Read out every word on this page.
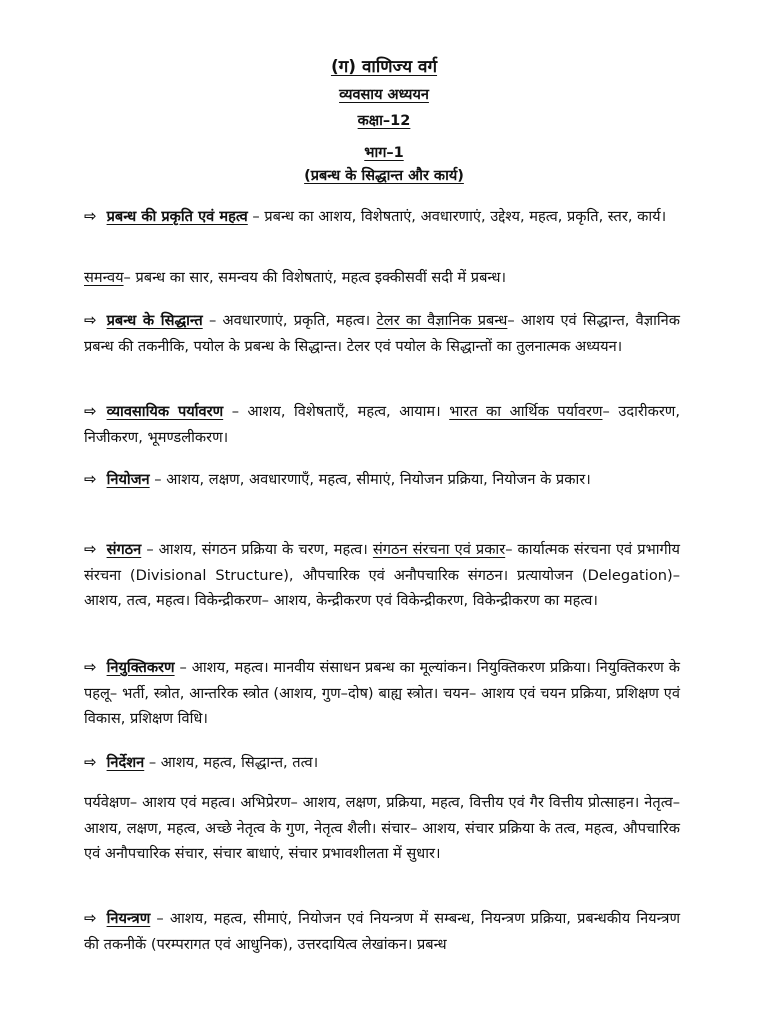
(ग) वाणिज्य वर्ग
व्यवसाय अध्ययन
कक्षा–12
भाग–1
(प्रबन्ध के सिद्धान्त और कार्य)

⇨ प्रबन्ध की प्रकृति एवं महत्व – प्रबन्ध का आशय, विशेषताएं, अवधारणाएं, उद्देश्य, महत्व, प्रकृति, स्तर, कार्य।

समन्वय– प्रबन्ध का सार, समन्वय की विशेषताएं, महत्व इक्कीसवीं सदी में प्रबन्ध।

⇨ प्रबन्ध के सिद्धान्त – अवधारणाएं, प्रकृति, महत्व। टेलर का वैज्ञानिक प्रबन्ध– आशय एवं सिद्धान्त, वैज्ञानिक प्रबन्ध की तकनीकि, पयोल के प्रबन्ध के सिद्धान्त। टेलर एवं पयोल के सिद्धान्तों का तुलनात्मक अध्ययन।

⇨ व्यावसायिक पर्यावरण – आशय, विशेषताएँ, महत्व, आयाम। भारत का आर्थिक पर्यावरण– उदारीकरण, निजीकरण, भूमण्डलीकरण।

⇨ नियोजन – आशय, लक्षण, अवधारणाएँ, महत्व, सीमाएं, नियोजन प्रक्रिया, नियोजन के प्रकार।

⇨ संगठन – आशय, संगठन प्रक्रिया के चरण, महत्व। संगठन संरचना एवं प्रकार– कार्यात्मक संरचना एवं प्रभागीय संरचना (Divisional Structure), औपचारिक एवं अनौपचारिक संगठन। प्रत्यायोजन (Delegation)– आशय, तत्व, महत्व। विकेन्द्रीकरण– आशय, केन्द्रीकरण एवं विकेन्द्रीकरण, विकेन्द्रीकरण का महत्व।

⇨ नियुक्तिकरण – आशय, महत्व। मानवीय संसाधन प्रबन्ध का मूल्यांकन। नियुक्तिकरण प्रक्रिया। नियुक्तिकरण के पहलू– भर्ती, स्त्रोत, आन्तरिक स्त्रोत (आशय, गुण–दोष) बाह्य स्त्रोत। चयन– आशय एवं चयन प्रक्रिया, प्रशिक्षण एवं विकास, प्रशिक्षण विधि।

⇨ निर्देशन – आशय, महत्व, सिद्धान्त, तत्व।

पर्यवेक्षण– आशय एवं महत्व। अभिप्रेरण– आशय, लक्षण, प्रक्रिया, महत्व, वित्तीय एवं गैर वित्तीय प्रोत्साहन। नेतृत्व– आशय, लक्षण, महत्व, अच्छे नेतृत्व के गुण, नेतृत्व शैली। संचार– आशय, संचार प्रक्रिया के तत्व, महत्व, औपचारिक एवं अनौपचारिक संचार, संचार बाधाएं, संचार प्रभावशीलता में सुधार।

⇨ नियन्त्रण – आशय, महत्व, सीमाएं, नियोजन एवं नियन्त्रण में सम्बन्ध, नियन्त्रण प्रक्रिया, प्रबन्धकीय नियन्त्रण की तकनीकें (परम्परागत एवं आधुनिक), उत्तरदायित्व लेखांकन। प्रबन्ध
